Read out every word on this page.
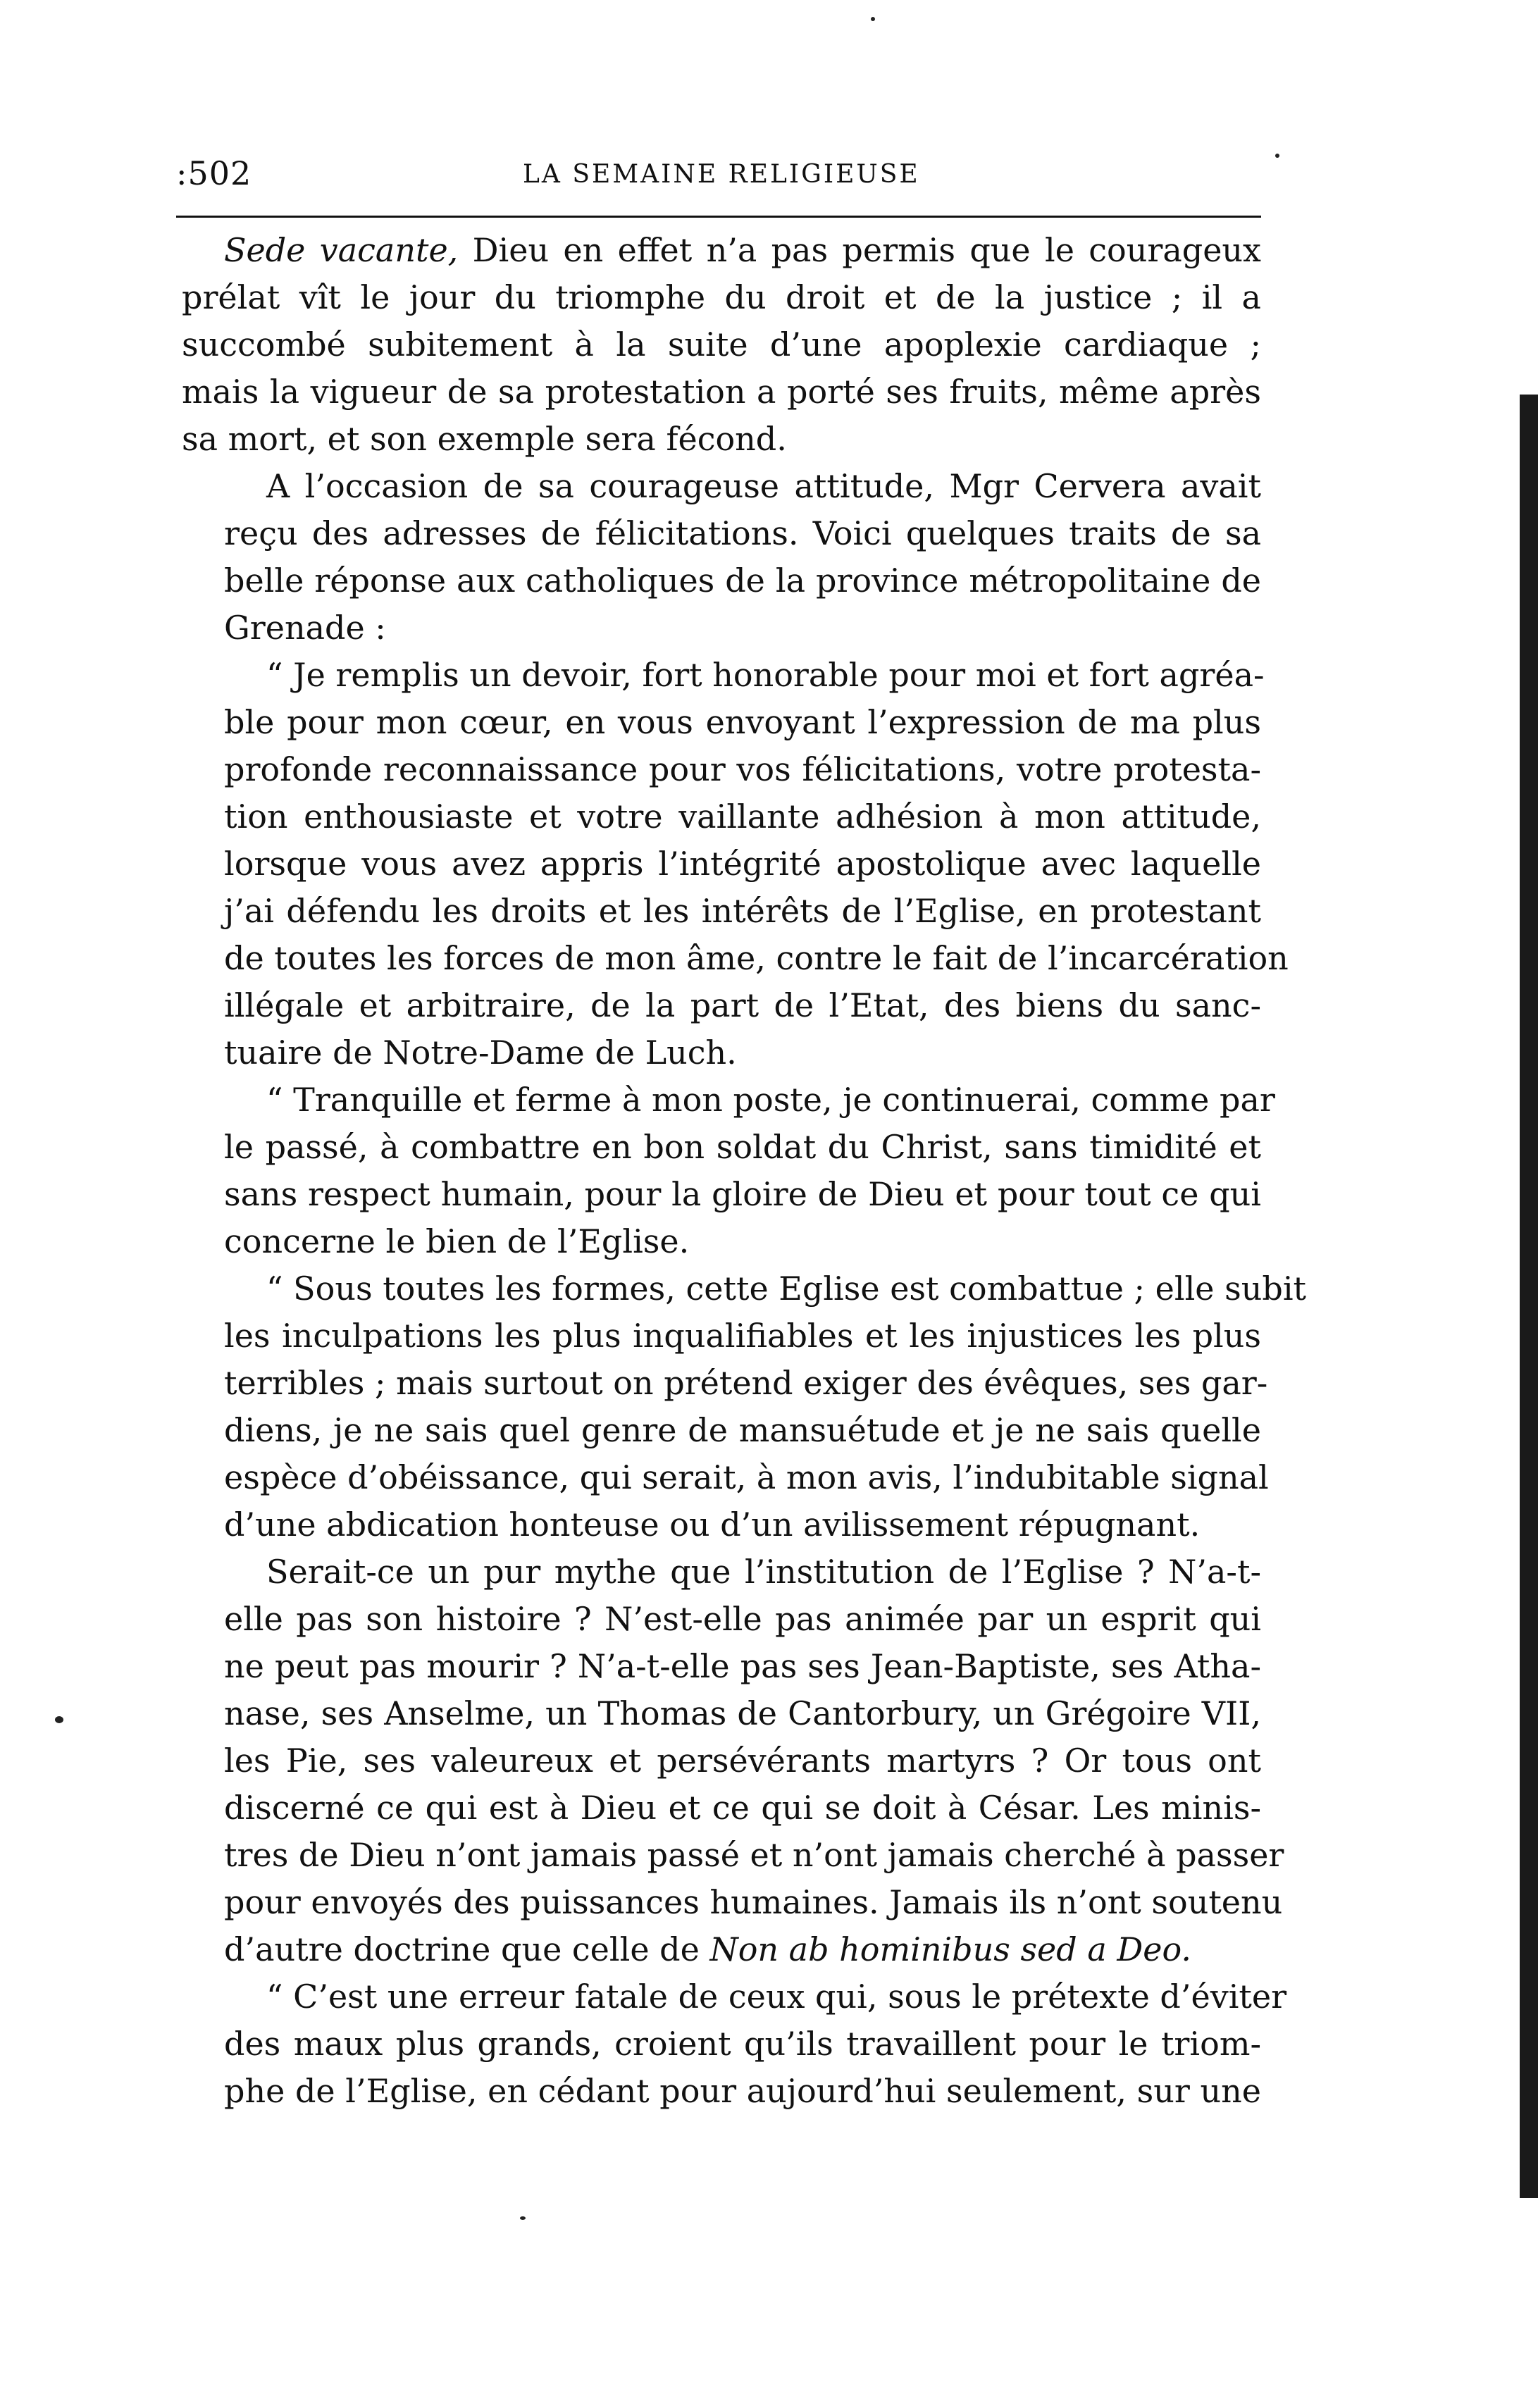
:502	LA SEMAINE RELIGIEUSE
Sede vacante, Dieu en effet n’a pas permis que le courageux
prélat vît le jour du triomphe du droit et de la justice ; il a
succombé subitement à la suite d’une apoplexie cardiaque ;
mais la vigueur de sa protestation a porté ses fruits, même après
sa mort, et son exemple sera fécond.
A l’occasion de sa courageuse attitude, Mgr Cervera avait
reçu des adresses de félicitations. Voici quelques traits de sa
belle réponse aux catholiques de la province métropolitaine de
Grenade :
“ Je remplis un devoir, fort honorable pour moi et fort agréa-
ble pour mon cœur, en vous envoyant l’expression de ma plus
profonde reconnaissance pour vos félicitations, votre protesta-
tion enthousiaste et votre vaillante adhésion à mon attitude,
lorsque vous avez appris l’intégrité apostolique avec laquelle
j’ai défendu les droits et les intérêts de l’Eglise, en protestant
de toutes les forces de mon âme, contre le fait de l’incarcération
illégale et arbitraire, de la part de l’Etat, des biens du sanc-
tuaire de Notre-Dame de Luch.
“ Tranquille et ferme à mon poste, je continuerai, comme par
le passé, à combattre en bon soldat du Christ, sans timidité et
sans respect humain, pour la gloire de Dieu et pour tout ce qui
concerne le bien de l’Eglise.
“ Sous toutes les formes, cette Eglise est combattue ; elle subit
les inculpations les plus inqualifiables et les injustices les plus
terribles ; mais surtout on prétend exiger des évêques, ses gar-
diens, je ne sais quel genre de mansuétude et je ne sais quelle
espèce d’obéissance, qui serait, à mon avis, l’indubitable signal
d’une abdication honteuse ou d’un avilissement répugnant.
Serait-ce un pur mythe que l’institution de l’Eglise ? N’a-t-
elle pas son histoire ? N’est-elle pas animée par un esprit qui
ne peut pas mourir ? N’a-t-elle pas ses Jean-Baptiste, ses Atha-
nase, ses Anselme, un Thomas de Cantorbury, un Grégoire VII,
les Pie, ses valeureux et persévérants martyrs ? Or tous ont
discerné ce qui est à Dieu et ce qui se doit à César. Les minis-
tres de Dieu n’ont jamais passé et n’ont jamais cherché à passer
pour envoyés des puissances humaines. Jamais ils n’ont soutenu
d’autre doctrine que celle de Non ab hominibus sed a Deo.
“ C’est une erreur fatale de ceux qui, sous le prétexte d’éviter
des maux plus grands, croient qu’ils travaillent pour le triom-
phe de l’Eglise, en cédant pour aujourd’hui seulement, sur une
